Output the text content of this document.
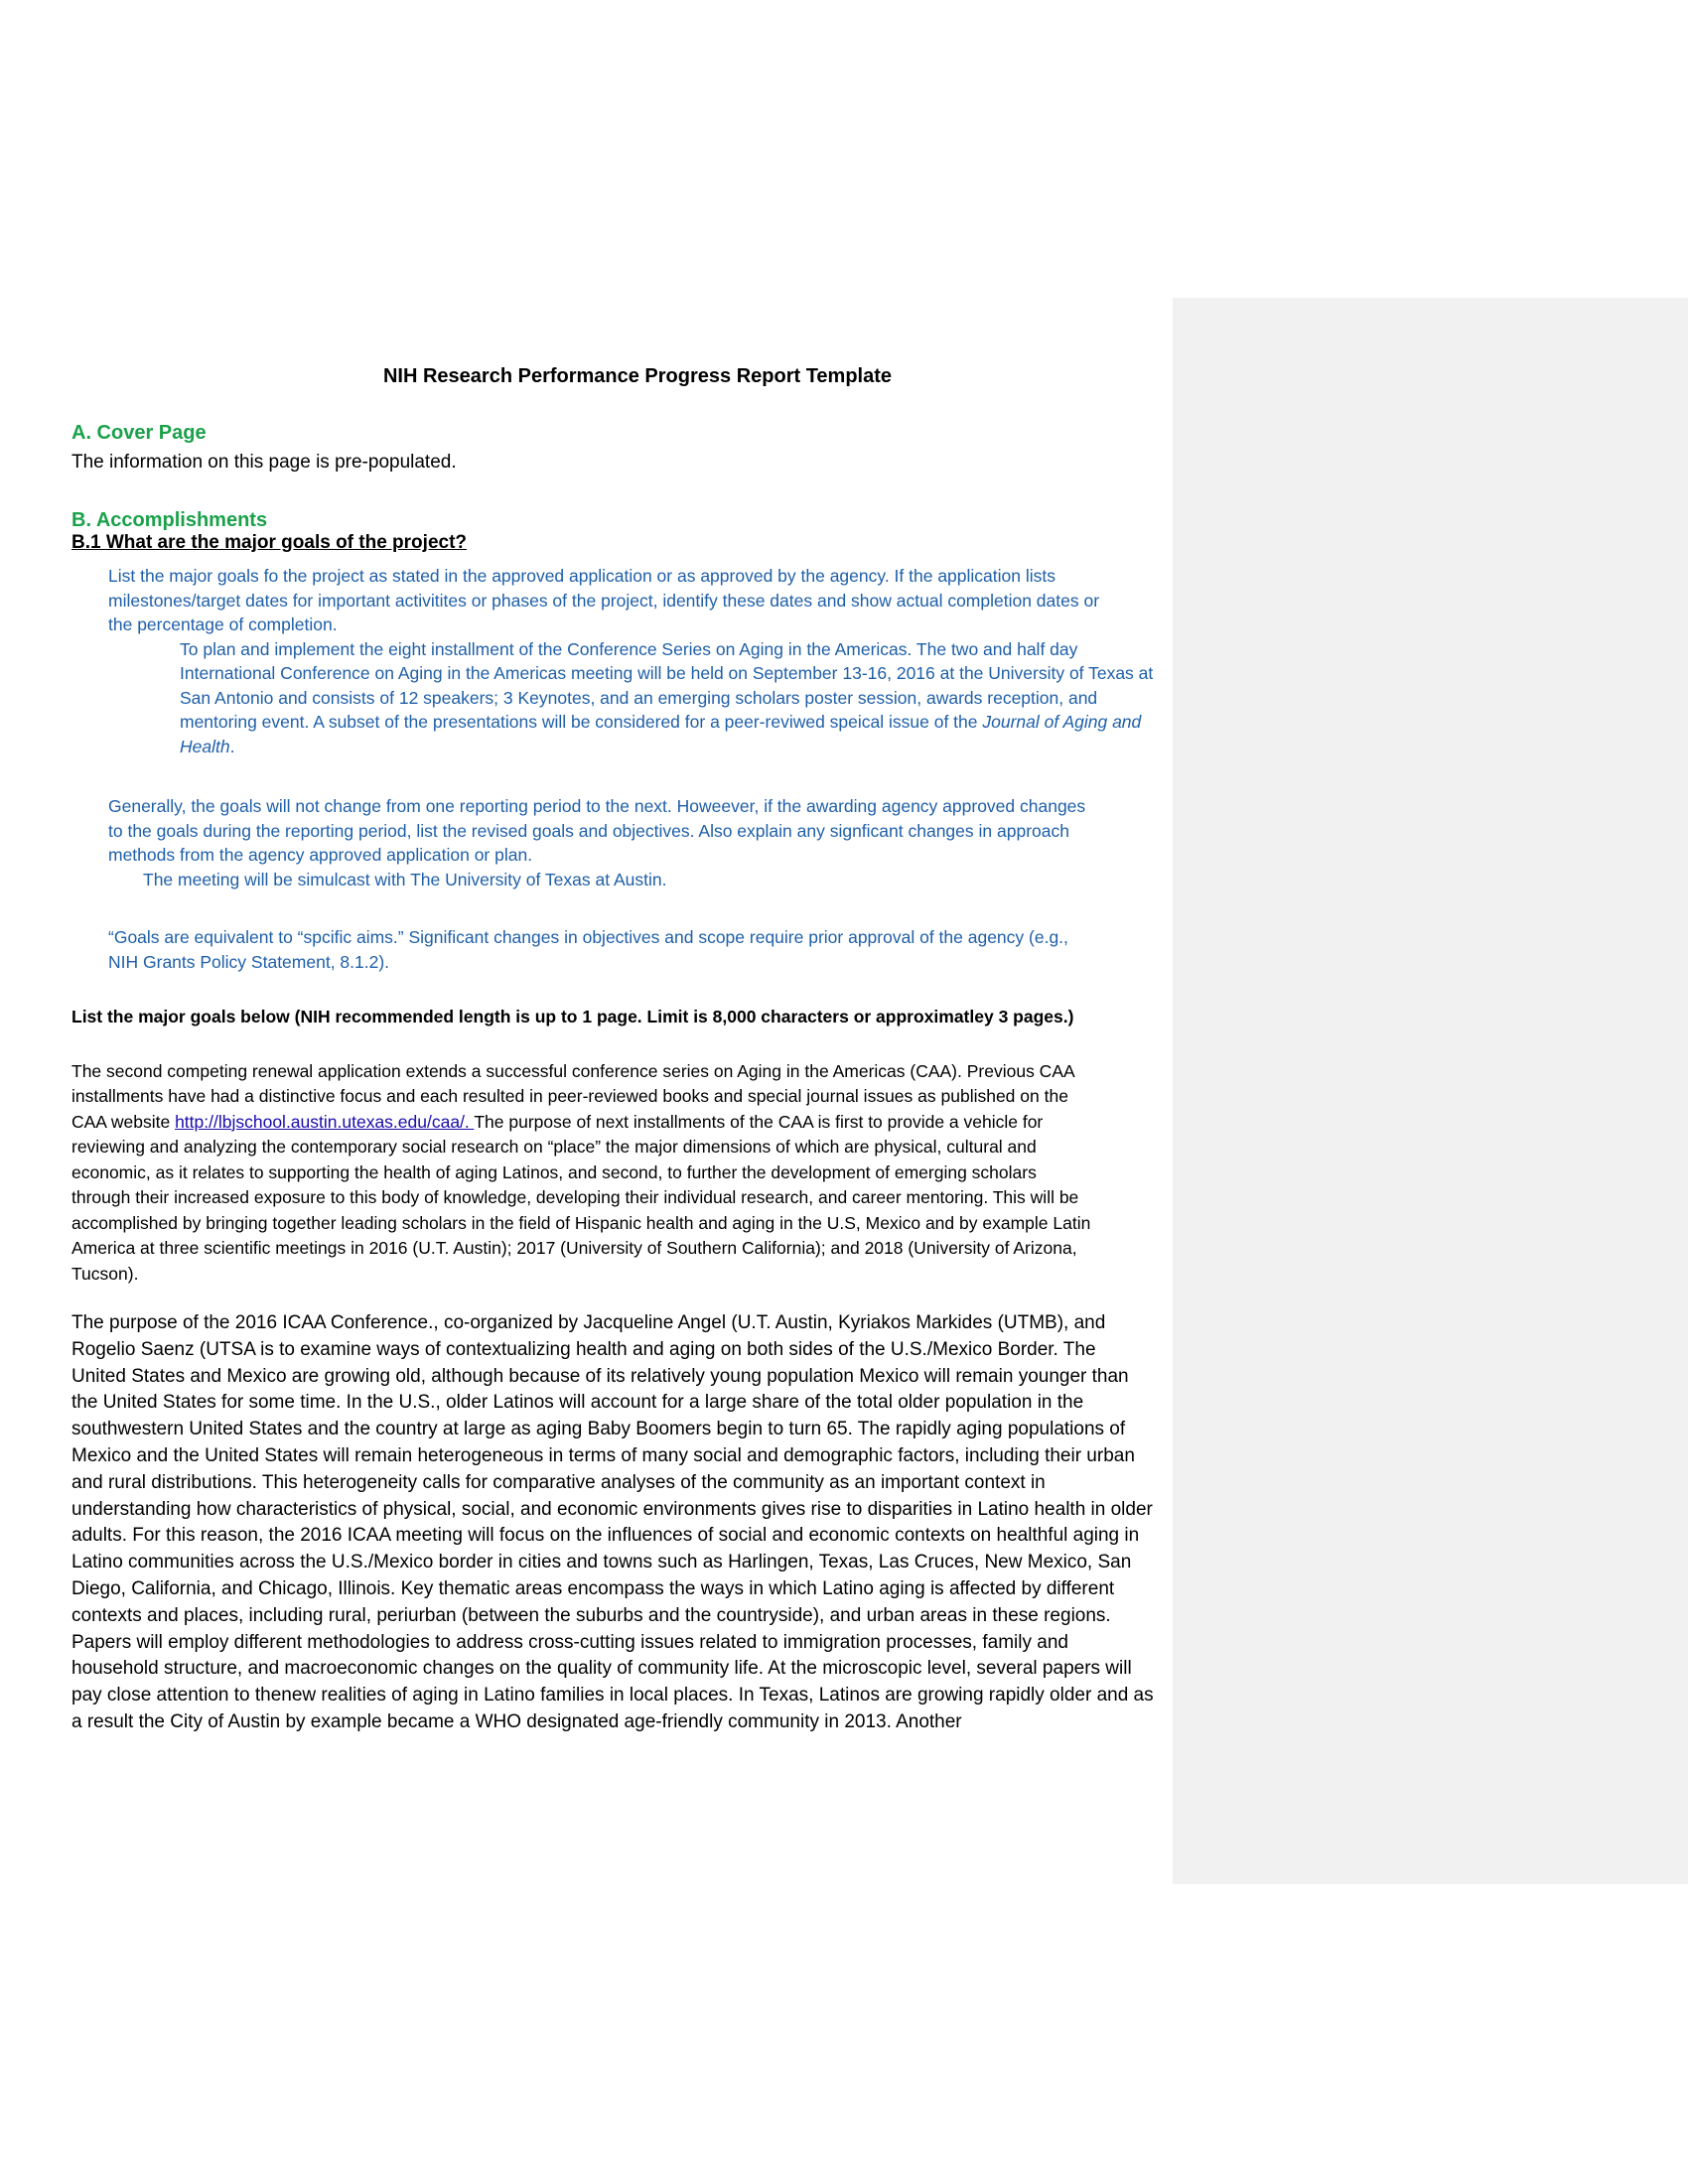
NIH Research Performance Progress Report Template
A. Cover Page

The information on this page is pre-populated.

B. Accomplishments
B.1 What are the major goals of the project?

List the major goals fo the project as stated in the approved application or as approved by the agency. If the application lists milestones/target dates for important activitites or phases of the project, identify these dates and show actual completion dates or the percentage of completion.

To plan and implement the eight installment of the Conference Series on Aging in the Americas. The two and half day International Conference on Aging in the Americas meeting will be held on September 13-16, 2016 at the University of Texas at San Antonio and consists of 12 speakers; 3 Keynotes, and an emerging scholars poster session, awards reception, and mentoring event. A subset of the presentations will be considered for a peer-reviwed speical issue of the Journal of Aging and Health.

Generally, the goals will not change from one reporting period to the next. Howeever, if the awarding agency approved changes to the goals during the reporting period, list the revised goals and objectives. Also explain any signficant changes in approach methods from the agency approved application or plan.

The meeting will be simulcast with The University of Texas at Austin.

“Goals are equivalent to “spcific aims.” Significant changes in objectives and scope require prior approval of the agency (e.g., NIH Grants Policy Statement, 8.1.2).

List the major goals below (NIH recommended length is up to 1 page. Limit is 8,000 characters or approximatley 3 pages.)

The second competing renewal application extends a successful conference series on Aging in the Americas (CAA). Previous CAA installments have had a distinctive focus and each resulted in peer-reviewed books and special journal issues as published on the CAA website http://lbjschool.austin.utexas.edu/caa/. The purpose of next installments of the CAA is first to provide a vehicle for reviewing and analyzing the contemporary social research on “place” the major dimensions of which are physical, cultural and economic, as it relates to supporting the health of aging Latinos, and second, to further the development of emerging scholars through their increased exposure to this body of knowledge, developing their individual research, and career mentoring. This will be accomplished by bringing together leading scholars in the field of Hispanic health and aging in the U.S, Mexico and by example Latin America at three scientific meetings in 2016 (U.T. Austin); 2017 (University of Southern California); and 2018 (University of Arizona, Tucson).

The purpose of the 2016 ICAA Conference., co-organized by Jacqueline Angel (U.T. Austin, Kyriakos Markides (UTMB), and Rogelio Saenz (UTSA is to examine ways of contextualizing health and aging on both sides of the U.S./Mexico Border. The United States and Mexico are growing old, although because of its relatively young population Mexico will remain younger than the United States for some time. In the U.S., older Latinos will account for a large share of the total older population in the southwestern United States and the country at large as aging Baby Boomers begin to turn 65. The rapidly aging populations of Mexico and the United States will remain heterogeneous in terms of many social and demographic factors, including their urban and rural distributions. This heterogeneity calls for comparative analyses of the community as an important context in understanding how characteristics of physical, social, and economic environments gives rise to disparities in Latino health in older adults. For this reason, the 2016 ICAA meeting will focus on the influences of social and economic contexts on healthful aging in Latino communities across the U.S./Mexico border in cities and towns such as Harlingen, Texas, Las Cruces, New Mexico, San Diego, California, and Chicago, Illinois. Key thematic areas encompass the ways in which Latino aging is affected by different contexts and places, including rural, periurban (between the suburbs and the countryside), and urban areas in these regions. Papers will employ different methodologies to address cross-cutting issues related to immigration processes, family and household structure, and macroeconomic changes on the quality of community life. At the microscopic level, several papers will pay close attention to thenew realities of aging in Latino families in local places. In Texas, Latinos are growing rapidly older and as a result the City of Austin by example became a WHO designated age-friendly community in 2013. Another
